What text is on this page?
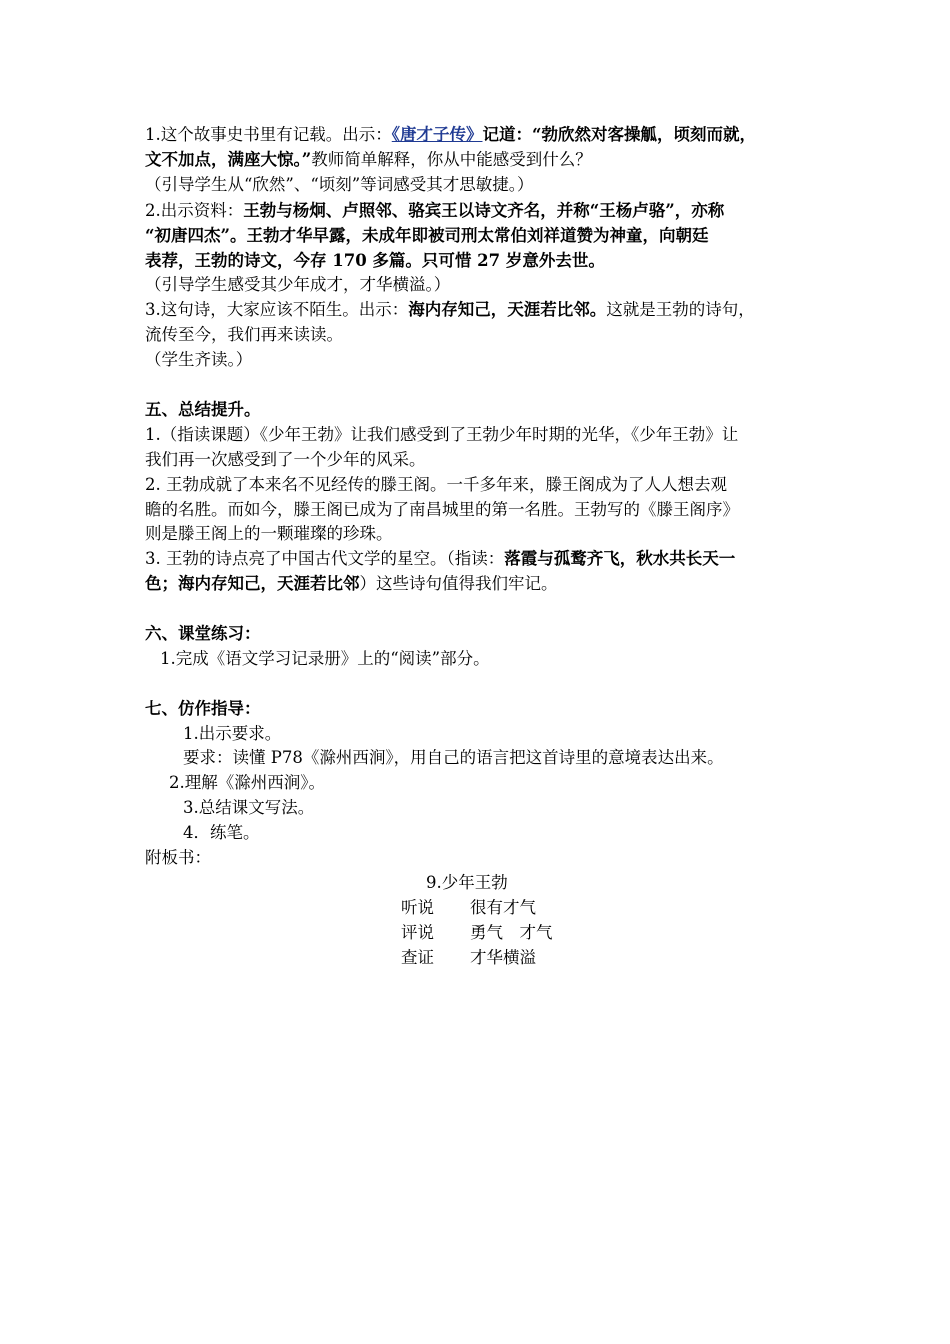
1.这个故事史书里有记载。出示：《唐才子传》记道：“勃欣然对客操觚，顷刻而就，
文不加点，满座大惊。”教师简单解释，你从中能感受到什么？
（引导学生从“欣然”、“顷刻”等词感受其才思敏捷。）
2.出示资料：王勃与杨炯、卢照邻、骆宾王以诗文齐名，并称“王杨卢骆”，亦称
“初唐四杰”。王勃才华早露，未成年即被司刑太常伯刘祥道赞为神童，向朝廷
表荐，王勃的诗文，今存 170 多篇。只可惜 27 岁意外去世。
（引导学生感受其少年成才，才华横溢。）
3.这句诗，大家应该不陌生。出示：海内存知己，天涯若比邻。这就是王勃的诗句，
流传至今，我们再来读读。
（学生齐读。）
五、总结提升。
1.（指读课题）《少年王勃》让我们感受到了王勃少年时期的光华，《少年王勃》让
我们再一次感受到了一个少年的风采。
2. 王勃成就了本来名不见经传的滕王阁。一千多年来，滕王阁成为了人人想去观
瞻的名胜。而如今，滕王阁已成为了南昌城里的第一名胜。王勃写的《滕王阁序》
则是滕王阁上的一颗璀璨的珍珠。
3. 王勃的诗点亮了中国古代文学的星空。（指读：落霞与孤鹜齐飞，秋水共长天一
色；海内存知己，天涯若比邻）这些诗句值得我们牢记。
六、课堂练习：
1.完成《语文学习记录册》上的“阅读”部分。
七、仿作指导：
1.出示要求。
要求：读懂 P78《滁州西涧》，用自己的语言把这首诗里的意境表达出来。
2.理解《滁州西涧》。
3.总结课文写法。
4．练笔。
附板书：
9.少年王勃
听说 很有才气
评说 勇气　才气
查证 才华横溢
